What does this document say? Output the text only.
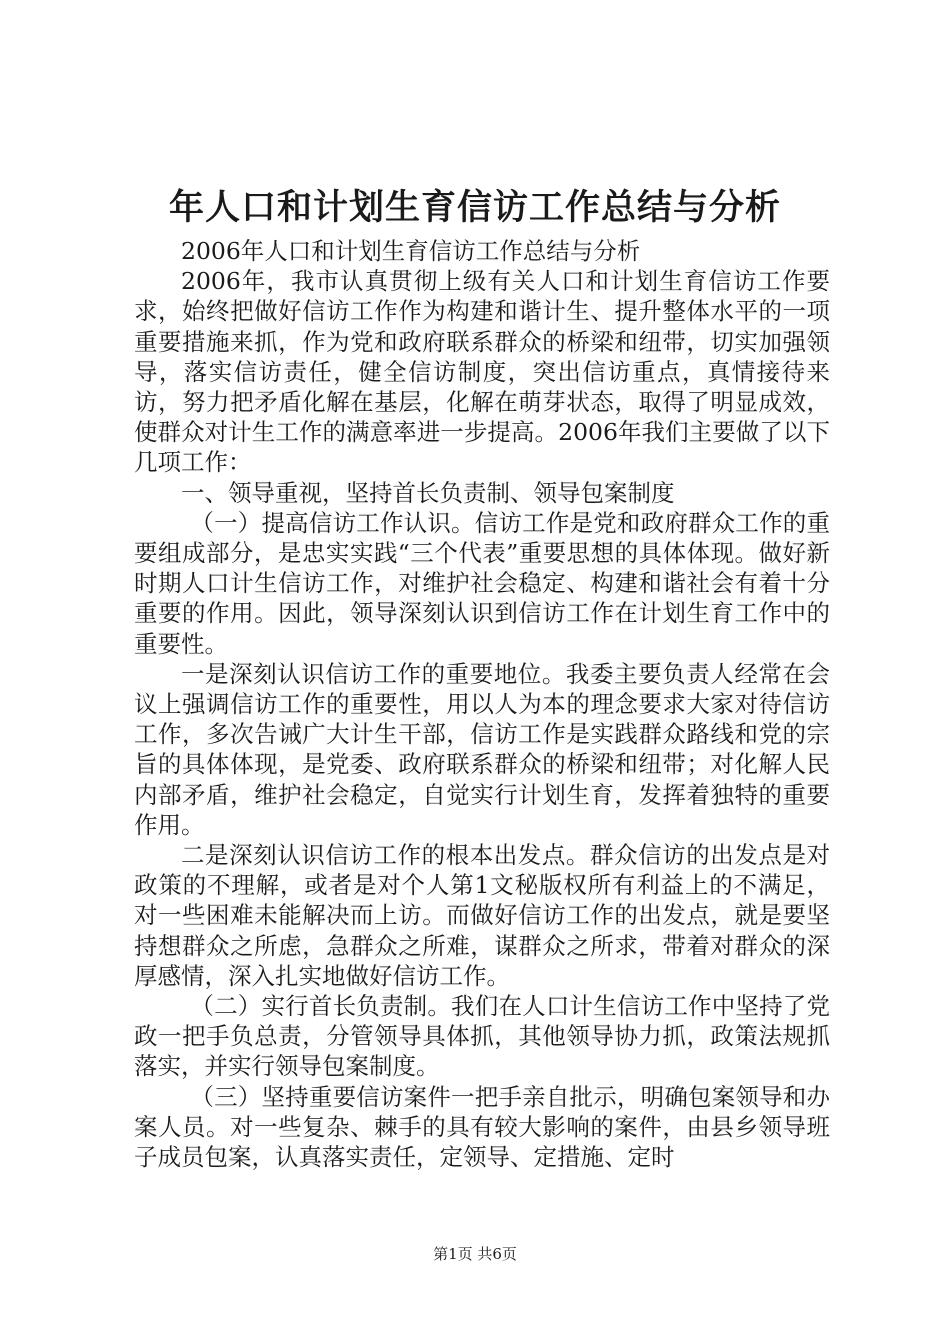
年人口和计划生育信访工作总结与分析

2006年人口和计划生育信访工作总结与分析

2006年，我市认真贯彻上级有关人口和计划生育信访工作要求，始终把做好信访工作作为构建和谐计生、提升整体水平的一项重要措施来抓，作为党和政府联系群众的桥梁和纽带，切实加强领导，落实信访责任，健全信访制度，突出信访重点，真情接待来访，努力把矛盾化解在基层，化解在萌芽状态，取得了明显成效，使群众对计生工作的满意率进一步提高。2006年我们主要做了以下几项工作：

一、领导重视，坚持首长负责制、领导包案制度

（一）提高信访工作认识。信访工作是党和政府群众工作的重要组成部分，是忠实实践“三个代表”重要思想的具体体现。做好新时期人口计生信访工作，对维护社会稳定、构建和谐社会有着十分重要的作用。因此，领导深刻认识到信访工作在计划生育工作中的重要性。

一是深刻认识信访工作的重要地位。我委主要负责人经常在会议上强调信访工作的重要性，用以人为本的理念要求大家对待信访工作，多次告诫广大计生干部，信访工作是实践群众路线和党的宗旨的具体体现，是党委、政府联系群众的桥梁和纽带；对化解人民内部矛盾，维护社会稳定，自觉实行计划生育，发挥着独特的重要作用。

二是深刻认识信访工作的根本出发点。群众信访的出发点是对政策的不理解，或者是对个人第1文秘版权所有利益上的不满足，对一些困难未能解决而上访。而做好信访工作的出发点，就是要坚持想群众之所虑，急群众之所难，谋群众之所求，带着对群众的深厚感情，深入扎实地做好信访工作。

（二）实行首长负责制。我们在人口计生信访工作中坚持了党政一把手负总责，分管领导具体抓，其他领导协力抓，政策法规抓落实，并实行领导包案制度。

（三）坚持重要信访案件一把手亲自批示，明确包案领导和办案人员。对一些复杂、棘手的具有较大影响的案件，由县乡领导班子成员包案，认真落实责任，定领导、定措施、定时

第1页 共6页
